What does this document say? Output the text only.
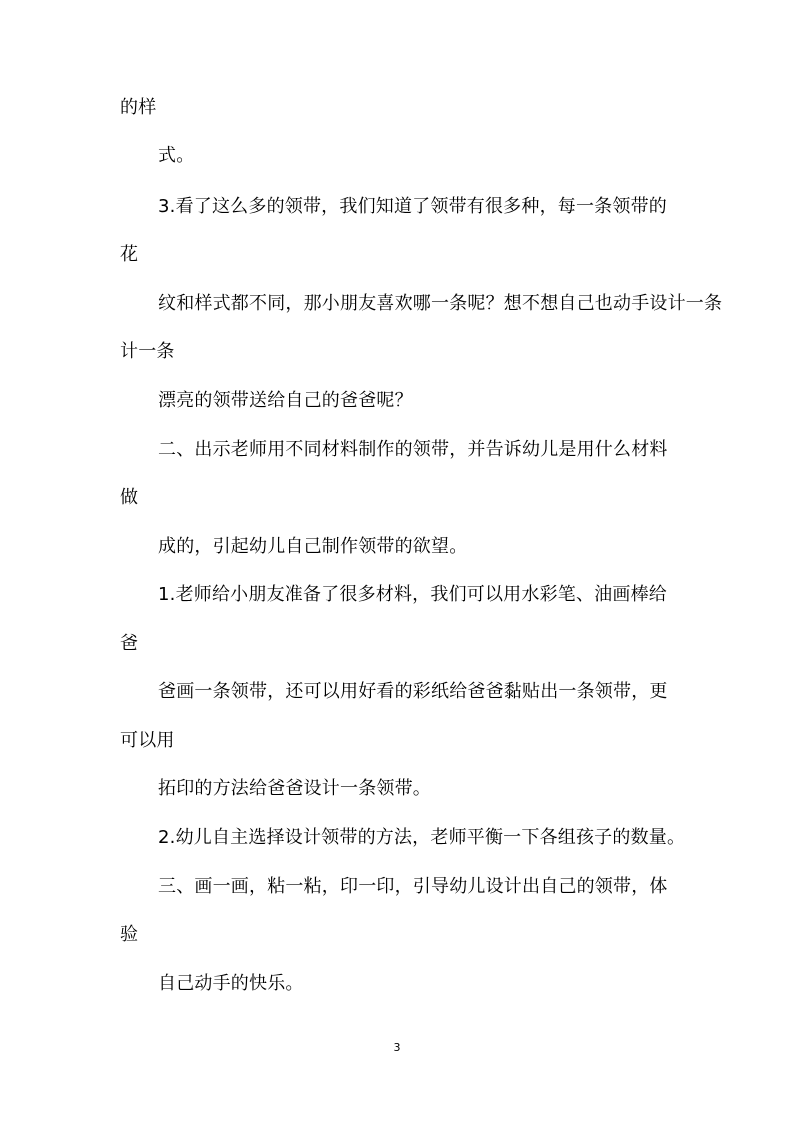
的样
式。
3.看了这么多的领带，我们知道了领带有很多种，每一条领带的
花
纹和样式都不同，那小朋友喜欢哪一条呢？想不想自己也动手设计一条
计一条
漂亮的领带送给自己的爸爸呢？
二、出示老师用不同材料制作的领带，并告诉幼儿是用什么材料
做
成的，引起幼儿自己制作领带的欲望。
1.老师给小朋友准备了很多材料，我们可以用水彩笔、油画棒给
爸
爸画一条领带，还可以用好看的彩纸给爸爸黏贴出一条领带，更
可以用
拓印的方法给爸爸设计一条领带。
2.幼儿自主选择设计领带的方法，老师平衡一下各组孩子的数量。
三、画一画，粘一粘，印一印，引导幼儿设计出自己的领带，体
验
自己动手的快乐。
3
